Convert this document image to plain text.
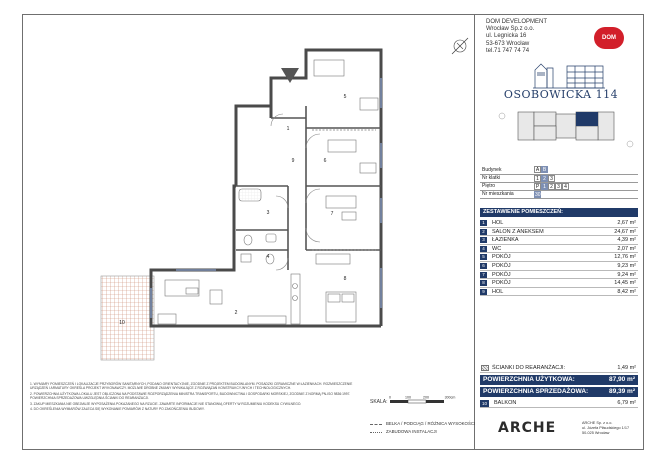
1
2
3
4
5
6
7
8
9
10
DOM DEVELOPMENT
Wrocław Sp.z o.o.
ul. Legnicka 16
53-673 Wrocław
tel.71 747 74 74
DOM
OSOBOWICKA 114
Budynek	A	B				
Nr klatki	1	2	3			
Piętro	P	1	2	3	4	
Nr mieszkania	30					
ZESTAWIENIE POMIESZCZEŃ:
1	HOL	2,67 m²
2	SALON Z ANEKSEM	24,67 m²
3	ŁAZIENKA	4,39 m²
4	WC	2,07 m²
5	POKÓJ	12,76 m²
6	POKÓJ	9,23 m²
7	POKÓJ	9,24 m²
8	POKÓJ	14,45 m²
9	HOL	8,42 m²
ŚCIANKI DO REARANŻACJI:	1,49 m²
POWIERZCHNIA UŻYTKOWA:	87,90 m²
POWIERZCHNIA SPRZEDAŻOWA:	89,39 m²
10	BALKON	6,79 m²

1. WYMIARY POMIESZCZEŃ I LOKALIZACJE PRZYBORÓW SANITARNYCH, PODANO ORIENTACYJNIE, ZGODNIE Z PROJEKTEM BUDOWLANYM. POSADZKI CERAMICZNE W ŁAZIENKACH. ROZMIESZCZENIE URZĄDZEŃ I ARMATURY OKREŚLA PROJEKT WYKONAWCZY. MOŻLIWE DROBNE ZMIANY WYNIKAJĄCE Z ROZWIĄZAŃ KONSTRUKCYJNYCH I TECHNOLOGICZNYCH.

2. POWIERZCHNIA UŻYTKOWA LOKALU JEST OBLICZONA NA PODSTAWIE ROZPORZĄDZENIA MINISTRA TRANSPORTU, BUDOWNICTWA I GOSPODARKI MORSKIEJ, ZGODNIE Z NORMĄ PN-ISO 9836:1997. POWIERZCHNIA SPRZEDAŻOWA UWZGLĘDNIA ŚCIANKI DO REARANŻACJI.

3. ZAKUP MIESZKANIA NIE OBEJMUJE WYPOSAŻENIA POKAZANEGO NA RZUCIE. ZAWARTE INFORMACJE NIE STANOWIĄ OFERTY W ROZUMIENIU KODEKSU CYWILNEGO.

4. DO OKREŚLENIA WYMIARÓW ZALECA SIĘ WYKONANIE POMIARÓW Z NATURY PO ZAKOŃCZENIU BUDOWY.

SKALA:
0	100	200	300cm
BELKA / PODCIĄG / RÓŻNICA WYSOKOŚCI
ZABUDOWA INSTALACJI	ARCHE	ARCHE Sp. z o.o.
ul. Józefa Piłsudskiego 1/17
50-025 Wrocław
